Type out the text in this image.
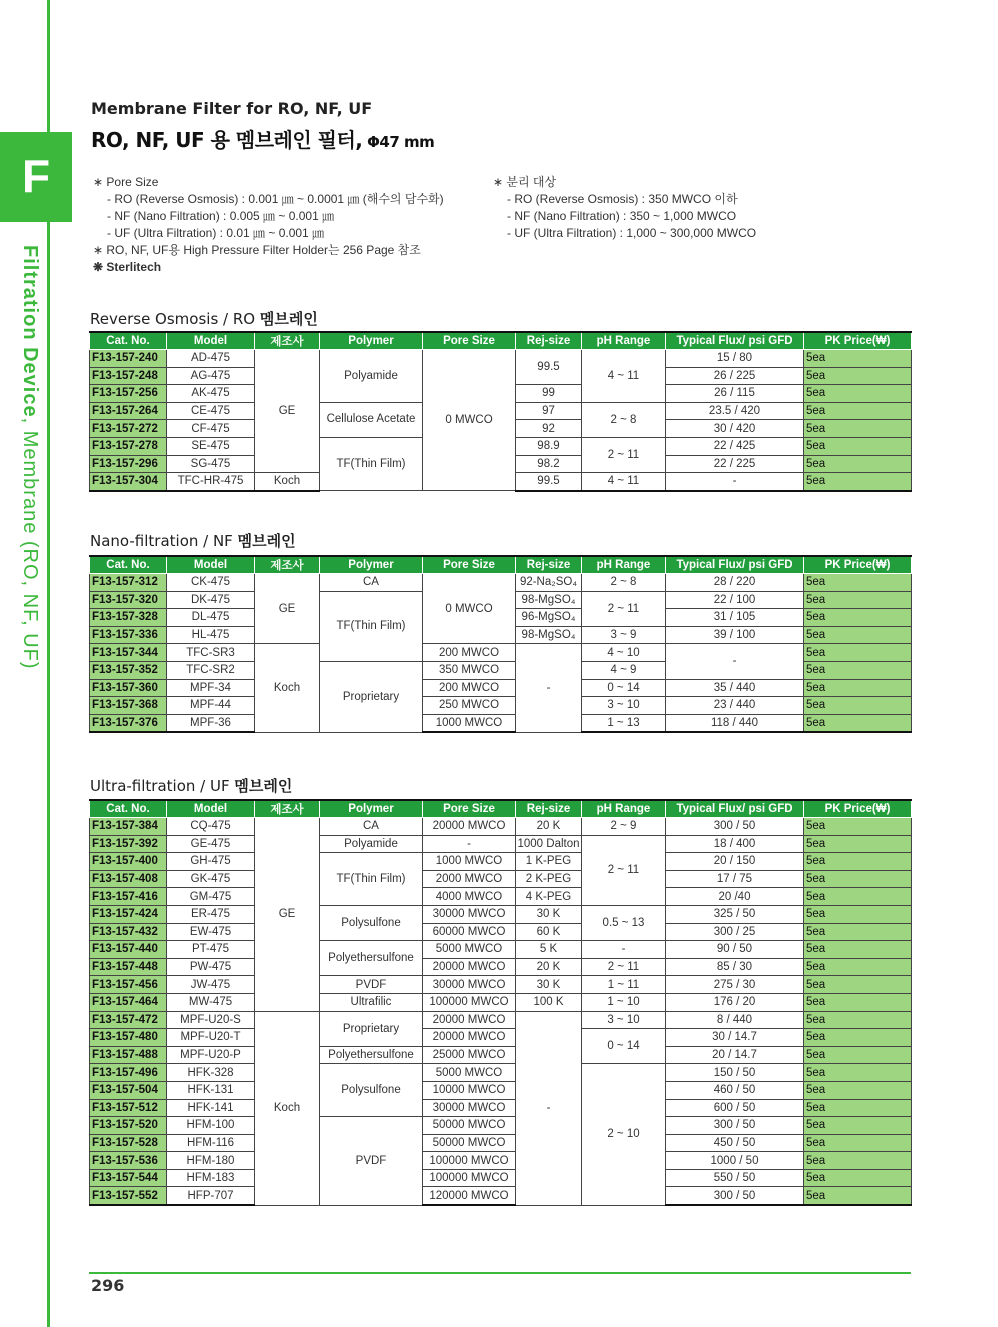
F
Filtration Device, Membrane (RO, NF, UF)
Membrane Filter for RO, NF, UF
RO, NF, UF 용 멤브레인 필터, Φ47 mm
∗ Pore Size
- RO (Reverse Osmosis) : 0.001 ㎛ ~ 0.0001 ㎛ (해수의 담수화)
- NF (Nano Filtration) : 0.005 ㎛ ~ 0.001 ㎛
- UF (Ultra Filtration) : 0.01 ㎛ ~ 0.001 ㎛
∗ RO, NF, UF용 High Pressure Filter Holder는 256 Page 참조
❋ Sterlitech
∗ 분리 대상
- RO (Reverse Osmosis) : 350 MWCO 이하
- NF (Nano Filtration) : 350 ~ 1,000 MWCO
- UF (Ultra Filtration) : 1,000 ~ 300,000 MWCO
Reverse Osmosis / RO 멤브레인
Cat. No.	Model	제조사	Polymer	Pore Size	Rej-size	pH Range	Typical Flux/ psi GFD	PK Price(₩)
F13-157-240	AD-475	GE	Polyamide	0 MWCO	99.5	4 ~ 11	15 / 80	5ea
F13-157-248	AG-475						26 / 225	5ea
F13-157-256	AK-475				99		26 / 115	5ea
F13-157-264	CE-475		Cellulose Acetate		97	2 ~ 8	23.5 / 420	5ea
F13-157-272	CF-475				92		30 / 420	5ea
F13-157-278	SE-475		TF(Thin Film)		98.9	2 ~ 11	22 / 425	5ea
F13-157-296	SG-475				98.2		22 / 225	5ea
F13-157-304	TFC-HR-475	Koch			99.5	4 ~ 11	-	5ea
Nano-filtration / NF 멤브레인
Cat. No.	Model	제조사	Polymer	Pore Size	Rej-size	pH Range	Typical Flux/ psi GFD	PK Price(₩)
F13-157-312	CK-475	GE	CA	0 MWCO	92-Na₂SO₄	2 ~ 8	28 / 220	5ea
F13-157-320	DK-475		TF(Thin Film)		98-MgSO₄	2 ~ 11	22 / 100	5ea
F13-157-328	DL-475				96-MgSO₄		31 / 105	5ea
F13-157-336	HL-475				98-MgSO₄	3 ~ 9	39 / 100	5ea
F13-157-344	TFC-SR3	Koch		200 MWCO	-	4 ~ 10	-	5ea
F13-157-352	TFC-SR2		Proprietary	350 MWCO		4 ~ 9		5ea
F13-157-360	MPF-34			200 MWCO		0 ~ 14	35 / 440	5ea
F13-157-368	MPF-44			250 MWCO		3 ~ 10	23 / 440	5ea
F13-157-376	MPF-36			1000 MWCO		1 ~ 13	118 / 440	5ea
Ultra-filtration / UF 멤브레인
Cat. No.	Model	제조사	Polymer	Pore Size	Rej-size	pH Range	Typical Flux/ psi GFD	PK Price(₩)
F13-157-384	CQ-475	GE	CA	20000 MWCO	20 K	2 ~ 9	300 / 50	5ea
F13-157-392	GE-475		Polyamide	-	1000 Dalton	2 ~ 11	18 / 400	5ea
F13-157-400	GH-475		TF(Thin Film)	1000 MWCO	1 K-PEG		20 / 150	5ea
F13-157-408	GK-475			2000 MWCO	2 K-PEG		17 / 75	5ea
F13-157-416	GM-475			4000 MWCO	4 K-PEG		20 /40	5ea
F13-157-424	ER-475		Polysulfone	30000 MWCO	30 K	0.5 ~ 13	325 / 50	5ea
F13-157-432	EW-475			60000 MWCO	60 K		300 / 25	5ea
F13-157-440	PT-475		Polyethersulfone	5000 MWCO	5 K	-	90 / 50	5ea
F13-157-448	PW-475			20000 MWCO	20 K	2 ~ 11	85 / 30	5ea
F13-157-456	JW-475		PVDF	30000 MWCO	30 K	1 ~ 11	275 / 30	5ea
F13-157-464	MW-475		Ultrafilic	100000 MWCO	100 K	1 ~ 10	176 / 20	5ea
F13-157-472	MPF-U20-S	Koch	Proprietary	20000 MWCO	-	3 ~ 10	8 / 440	5ea
F13-157-480	MPF-U20-T			20000 MWCO		0 ~ 14	30 / 14.7	5ea
F13-157-488	MPF-U20-P		Polyethersulfone	25000 MWCO			20 / 14.7	5ea
F13-157-496	HFK-328		Polysulfone	5000 MWCO		2 ~ 10	150 / 50	5ea
F13-157-504	HFK-131			10000 MWCO			460 / 50	5ea
F13-157-512	HFK-141			30000 MWCO			600 / 50	5ea
F13-157-520	HFM-100		PVDF	50000 MWCO			300 / 50	5ea
F13-157-528	HFM-116			50000 MWCO			450 / 50	5ea
F13-157-536	HFM-180			100000 MWCO			1000 / 50	5ea
F13-157-544	HFM-183			100000 MWCO			550 / 50	5ea
F13-157-552	HFP-707			120000 MWCO			300 / 50	5ea
296
